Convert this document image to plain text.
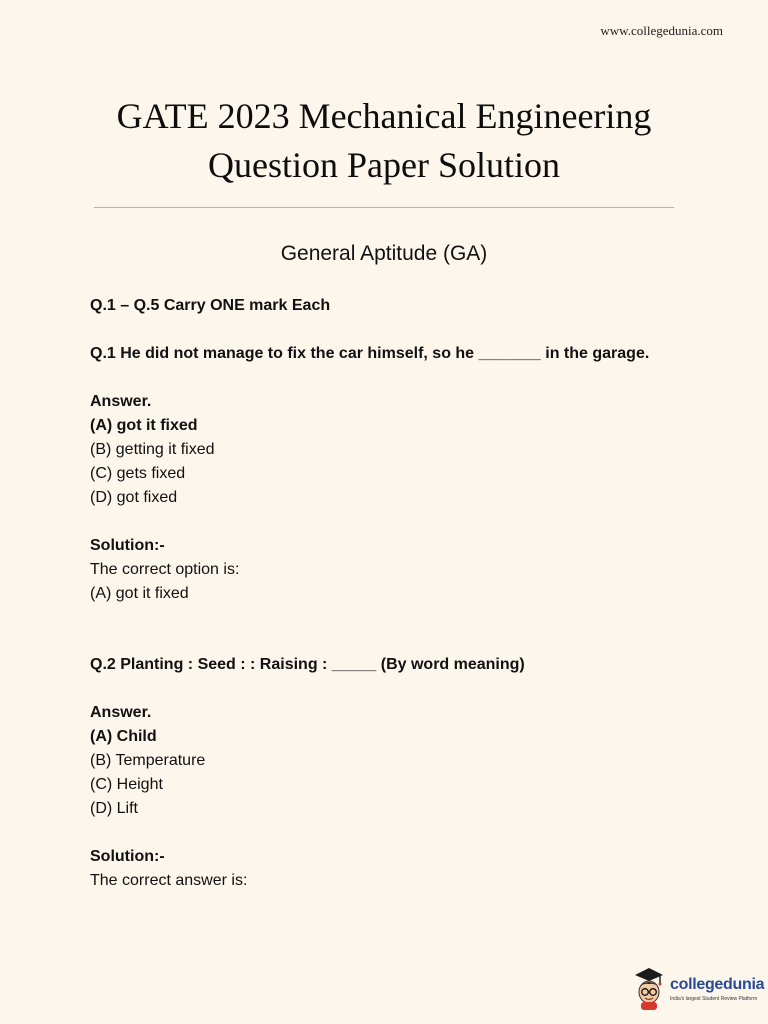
www.collegedunia.com
GATE 2023 Mechanical Engineering
Question Paper Solution
General Aptitude (GA)

Q.1 – Q.5 Carry ONE mark Each

Q.1 He did not manage to fix the car himself, so he _______ in the garage.

Answer.

(A) got it fixed

(B) getting it fixed

(C) gets fixed

(D) got fixed

Solution:-

The correct option is:

(A) got it fixed

Q.2 Planting : Seed : : Raising : _____ (By word meaning)

Answer.

(A) Child

(B) Temperature

(C) Height

(D) Lift

Solution:-

The correct answer is:

collegedunia
India's largest Student Review Platform
